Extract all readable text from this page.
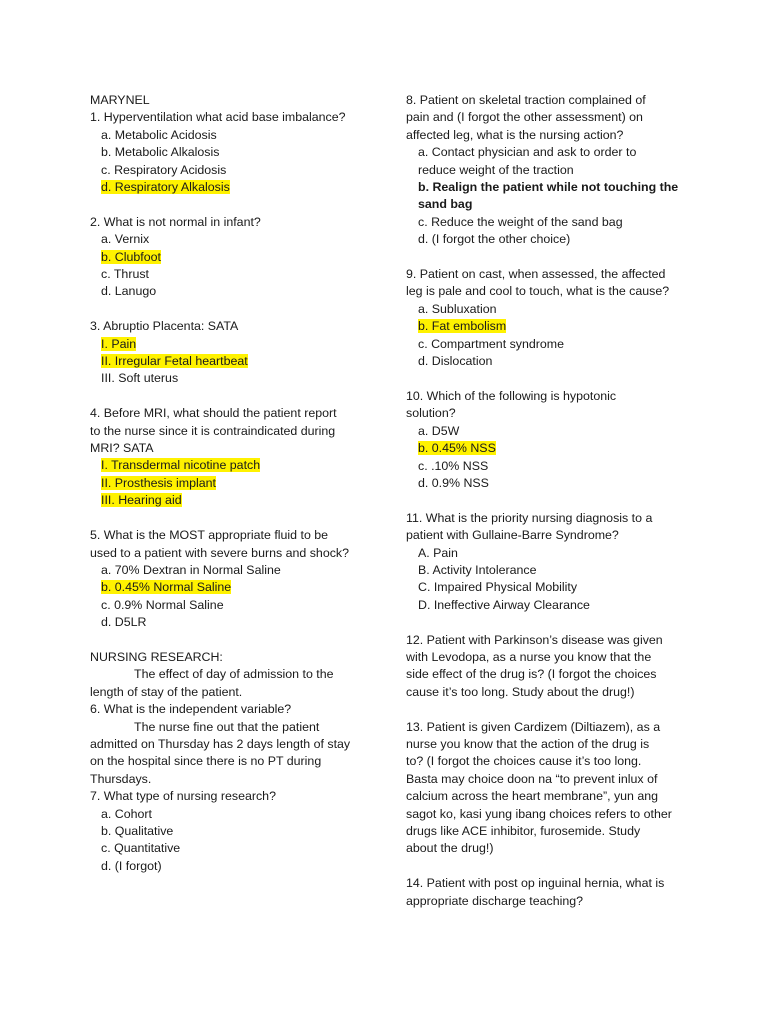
MARYNEL
1. Hyperventilation what acid base imbalance?
a. Metabolic Acidosis
b. Metabolic Alkalosis
c. Respiratory Acidosis
d. Respiratory Alkalosis
2. What is not normal in infant?
a. Vernix
b. Clubfoot
c. Thrust
d. Lanugo
3. Abruptio Placenta: SATA
I. Pain
II. Irregular Fetal heartbeat
III. Soft uterus
4. Before MRI, what should the patient report
to the nurse since it is contraindicated during
MRI? SATA
I. Transdermal nicotine patch
II. Prosthesis implant
III. Hearing aid
5. What is the MOST appropriate fluid to be
used to a patient with severe burns and shock?
a. 70% Dextran in Normal Saline
b. 0.45% Normal Saline
c. 0.9% Normal Saline
d. D5LR
NURSING RESEARCH:
The effect of day of admission to the
length of stay of the patient.
6. What is the independent variable?
The nurse fine out that the patient
admitted on Thursday has 2 days length of stay
on the hospital since there is no PT during
Thursdays.
7. What type of nursing research?
a. Cohort
b. Qualitative
c. Quantitative
d. (I forgot)
8. Patient on skeletal traction complained of
pain and (I forgot the other assessment) on
affected leg, what is the nursing action?
a. Contact physician and ask to order to
reduce weight of the traction
b. Realign the patient while not touching the
sand bag
c. Reduce the weight of the sand bag
d. (I forgot the other choice)
9. Patient on cast, when assessed, the affected
leg is pale and cool to touch, what is the cause?
a. Subluxation
b. Fat embolism
c. Compartment syndrome
d. Dislocation
10. Which of the following is hypotonic
solution?
a. D5W
b. 0.45% NSS
c. .10% NSS
d. 0.9% NSS
11. What is the priority nursing diagnosis to a
patient with Gullaine-Barre Syndrome?
A. Pain
B. Activity Intolerance
C. Impaired Physical Mobility
D. Ineffective Airway Clearance
12. Patient with Parkinson’s disease was given
with Levodopa, as a nurse you know that the
side effect of the drug is? (I forgot the choices
cause it’s too long. Study about the drug!)
13. Patient is given Cardizem (Diltiazem), as a
nurse you know that the action of the drug is
to? (I forgot the choices cause it’s too long.
Basta may choice doon na “to prevent inlux of
calcium across the heart membrane”, yun ang
sagot ko, kasi yung ibang choices refers to other
drugs like ACE inhibitor, furosemide. Study
about the drug!)
14. Patient with post op inguinal hernia, what is
appropriate discharge teaching?
